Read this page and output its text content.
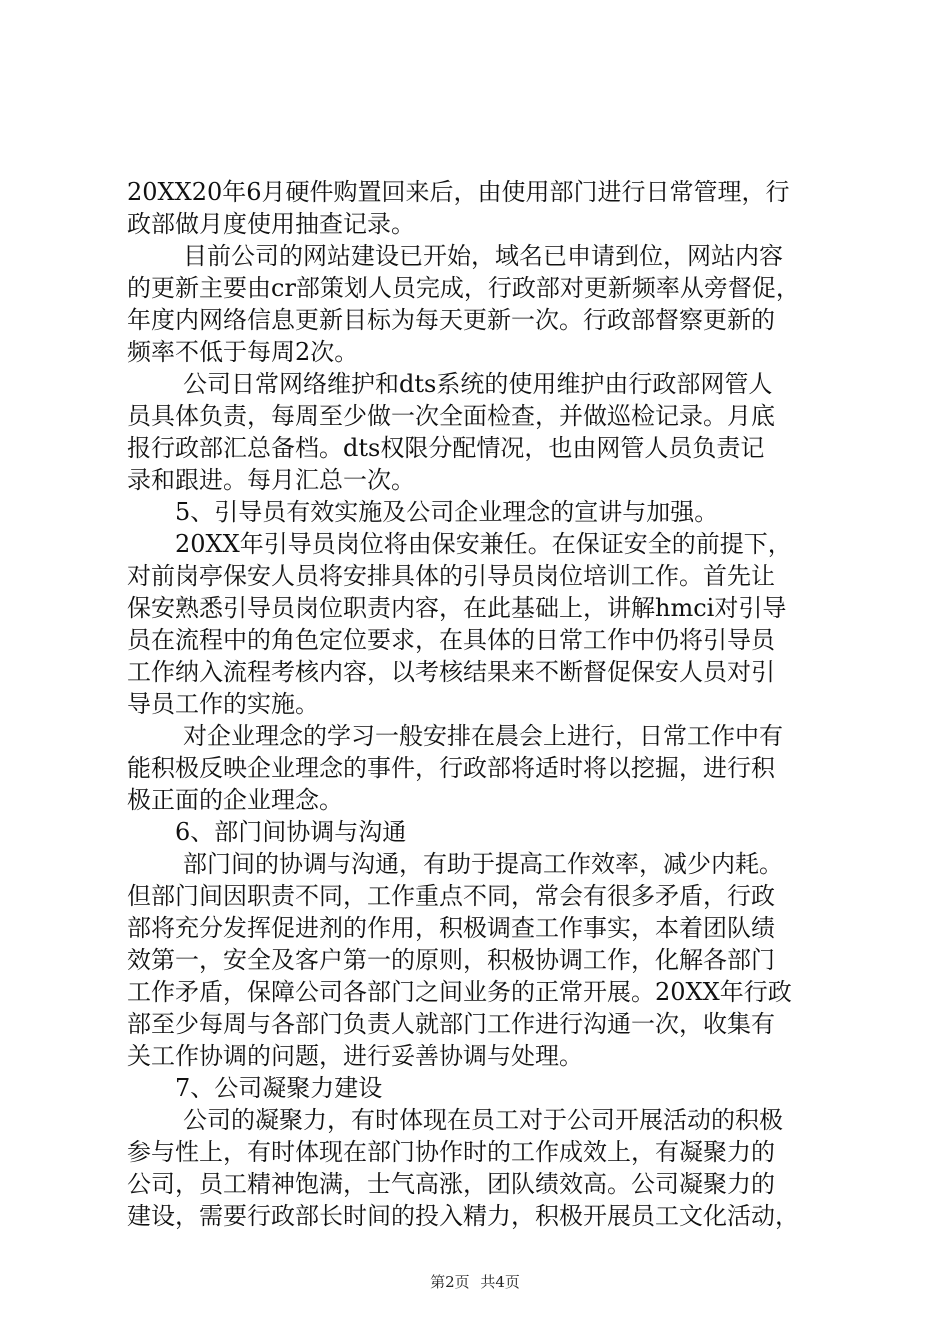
20XX20年6月硬件购置回来后，由使用部门进行日常管理，行
政部做月度使用抽查记录。
目前公司的网站建设已开始，域名已申请到位，网站内容
的更新主要由cr部策划人员完成，行政部对更新频率从旁督促，
年度内网络信息更新目标为每天更新一次。行政部督察更新的
频率不低于每周2次。
公司日常网络维护和dts系统的使用维护由行政部网管人
员具体负责，每周至少做一次全面检查，并做巡检记录。月底
报行政部汇总备档。dts权限分配情况，也由网管人员负责记
录和跟进。每月汇总一次。
5、引导员有效实施及公司企业理念的宣讲与加强。
20XX年引导员岗位将由保安兼任。在保证安全的前提下，
对前岗亭保安人员将安排具体的引导员岗位培训工作。首先让
保安熟悉引导员岗位职责内容，在此基础上，讲解hmci对引导
员在流程中的角色定位要求，在具体的日常工作中仍将引导员
工作纳入流程考核内容，以考核结果来不断督促保安人员对引
导员工作的实施。
对企业理念的学习一般安排在晨会上进行，日常工作中有
能积极反映企业理念的事件，行政部将适时将以挖掘，进行积
极正面的企业理念。
6、部门间协调与沟通
部门间的协调与沟通，有助于提高工作效率，减少内耗。
但部门间因职责不同，工作重点不同，常会有很多矛盾，行政
部将充分发挥促进剂的作用，积极调查工作事实，本着团队绩
效第一，安全及客户第一的原则，积极协调工作，化解各部门
工作矛盾，保障公司各部门之间业务的正常开展。20XX年行政
部至少每周与各部门负责人就部门工作进行沟通一次，收集有
关工作协调的问题，进行妥善协调与处理。
7、公司凝聚力建设
公司的凝聚力，有时体现在员工对于公司开展活动的积极
参与性上，有时体现在部门协作时的工作成效上，有凝聚力的
公司，员工精神饱满，士气高涨，团队绩效高。公司凝聚力的
建设，需要行政部长时间的投入精力，积极开展员工文化活动，
第2页 共4页
